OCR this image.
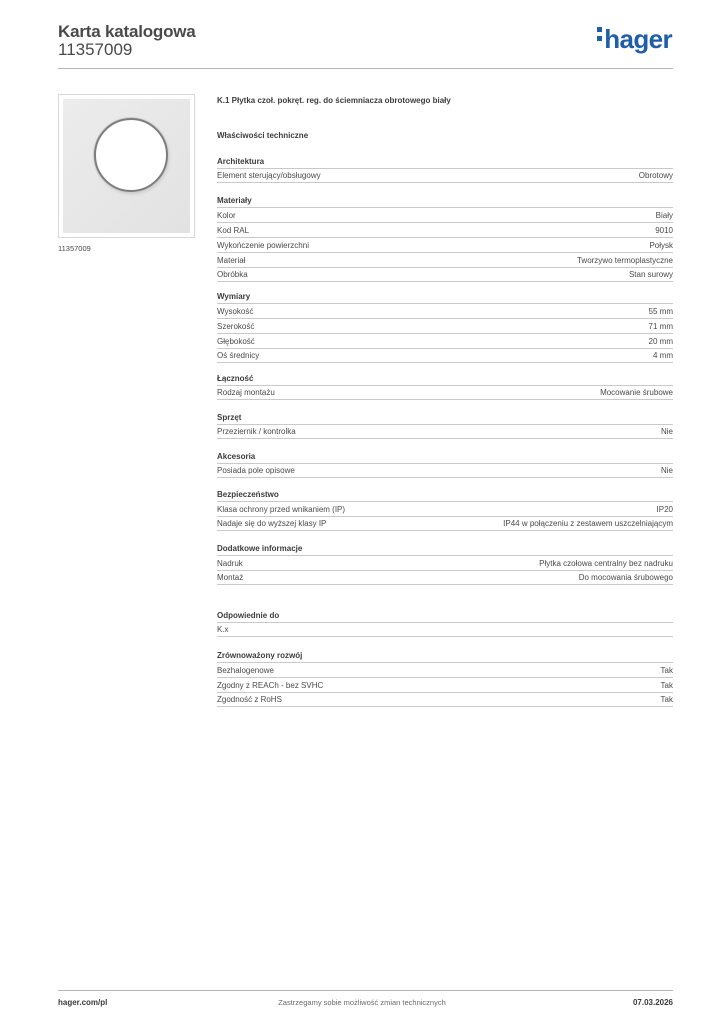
Karta katalogowa
11357009	hager
11357009
K.1 Płytka czoł. pokręt. reg. do ściemniacza obrotowego biały
Właściwości techniczne
Architektura
Element sterujący/obsługowy	Obrotowy
Materiały
Kolor	Biały
Kod RAL	9010
Wykończenie powierzchni	Połysk
Materiał	Tworzywo termoplastyczne
Obróbka	Stan surowy
Wymiary
Wysokość	55 mm
Szerokość	71 mm
Głębokość	20 mm
Oś średnicy	4 mm
Łączność
Rodzaj montażu	Mocowanie śrubowe
Sprzęt
Przeziernik / kontrolka	Nie
Akcesoria
Posiada pole opisowe	Nie
Bezpieczeństwo
Klasa ochrony przed wnikaniem (IP)	IP20
Nadaje się do wyższej klasy IP	IP44 w połączeniu z zestawem uszczelniającym
Dodatkowe informacje
Nadruk	Płytka czołowa centralny bez nadruku
Montaż	Do mocowania śrubowego
Odpowiednie do
K.x
Zrównoważony rozwój
Bezhalogenowe	Tak
Zgodny z REACh - bez SVHC	Tak
Zgodność z RoHS	Tak
hager.com/pl	Zastrzegamy sobie możliwość zmian technicznych	07.03.2026
